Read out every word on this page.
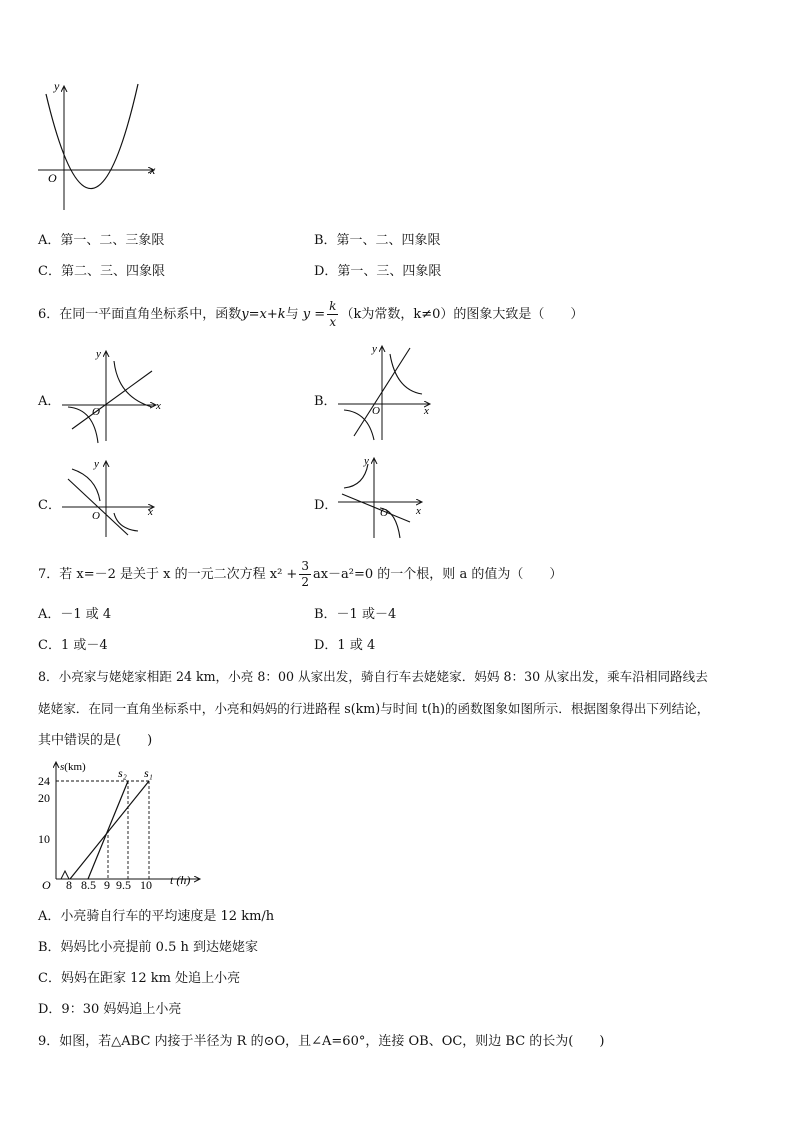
y
x
O
A．第一、二、三象限	B．第一、二、四象限
C．第二、三、四象限	D．第一、三、四象限
6．在同一平面直角坐标系中，函数y=x+k与 $y = \frac{k}{x} (k$为常数，k≠0）的图象大致是（　　）
A．	B．
C．	D．
y
x
O
y
x
O
y
x
O
y
x
O
7．若 x=－2 是关于 x 的一元二次方程 $x^2 + \frac{3}{2} ax-a^2=0$ 的一个根，则 a 的值为（　　）
A．－1 或 4	B．－1 或－4
C．1 或－4	D．1 或 4
8．小亮家与姥姥家相距 24 km，小亮 8：00 从家出发，骑自行车去姥姥家．妈妈 8：30 从家出发，乘车沿相同路线去
姥姥家．在同一直角坐标系中，小亮和妈妈的行进路程 s(km)与时间 t(h)的函数图象如图所示．根据图象得出下列结论，
其中错误的是(　　)
s(km)
24
20
10
O 8 8.5 9 9.5 10 t (h)
s₂ s₁
A．小亮骑自行车的平均速度是 12 km/h
B．妈妈比小亮提前 0.5 h 到达姥姥家
C．妈妈在距家 12 km 处追上小亮
D．9：30 妈妈追上小亮
9．如图，若△ABC 内接于半径为 R 的⊙O，且∠A=60°，连接 OB、OC，则边 BC 的长为(　　)
